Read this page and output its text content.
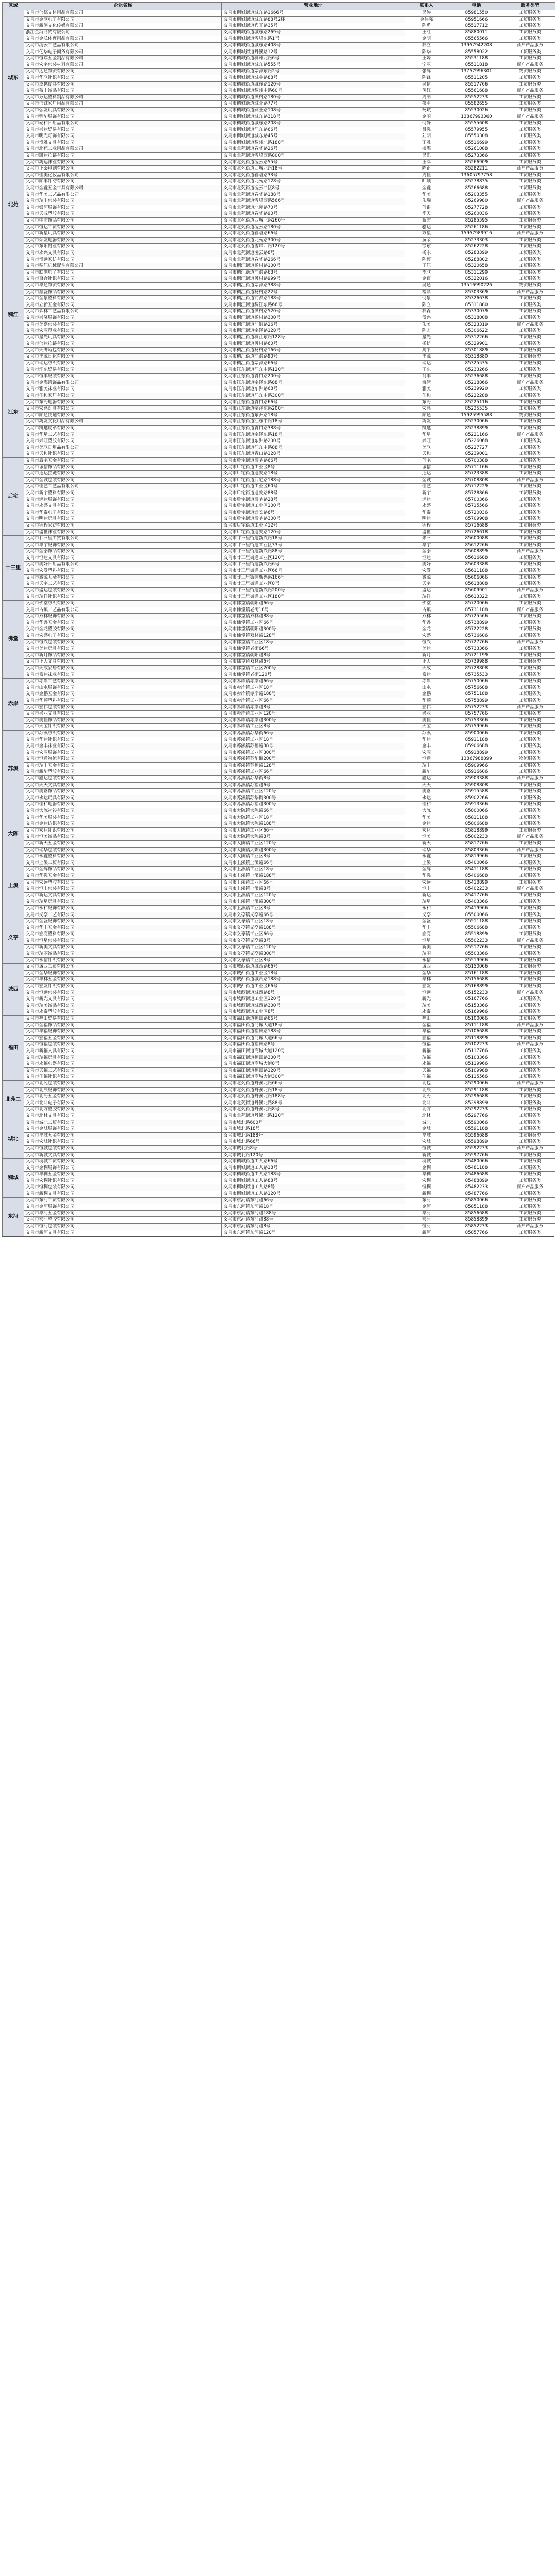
区域	企业名称	营业地址	联系人	电话	服务类型
城东	义乌市信德文体用品有限公司	义乌市稠城街道城东路1666号	吴涛	85981550	工贸服务类
	义乌市金网电子有限公司	义乌市稠城街道城东路88号2楼	金伟强	85951666	工贸服务类
	义乌市新创文化传媒有限公司	义乌市稠城街道宾王路35号	陈勇	85517712	工贸服务类
	浙江金海商贸有限公司	义乌市稠城街道城东路269号	王红	85880011	工贸服务类
	义乌市金弘体育用品有限公司	义乌市稠城街道雪峰东路1号	金明	85565566	工贸服务类
	义乌市凌云工艺品有限公司	义乌市稠城街道城东路408号	林立	13957942208	商户产品服务
	义乌市亿华电子商务有限公司	义乌市稠城街道丹溪路12号	陈华	85558022	工贸服务类
	义乌市恒瑞五金制品有限公司	义乌市稠城街道稠州北路6号	王婷	85531188	工贸服务类
	义乌市宏宇包装材料有限公司	义乌市稠城街道城东路555号	宁亚	85511818	商户产品服务
	义乌市达通物流有限公司	义乌市稠城街道宗泽东路2号	张辉	13757996301	物流服务类
	义乌市华联针织有限公司	义乌市稠城街道城中路88号	陈锋	85511205	工贸服务类
	义乌市卓越皮具有限公司	义乌市稠城街道城东路120号	吴倩	85517766	工贸服务类
	义乌市盈丰饰品有限公司	义乌市稠城街道稠州中路60号	倪红	85561688	商户产品服务
	义乌市万达塑料制品有限公司	义乌市稠城街道贝村路180号	周丽	85552233	工贸服务类
	义乌市信诚家居用品有限公司	义乌市稠城街道城北路77号	楼军	85582655	工贸服务类
	义乌市弘发玩具有限公司	义乌市稠城街道宾王路108号	杨斌	85530026	工贸服务类
	义乌市锦华服饰有限公司	义乌市稠城街道城东路318号	金丽	13867993360	商户产品服务
	义乌市泰和日用品有限公司	义乌市稠城街道城东路208号	何静	85555608	工贸服务类
	义乌市兴达贸易有限公司	义乌市稠城街道江东路66号	吕强	85579955	工贸服务类
	义乌市明光灯饰有限公司	义乌市稠城街道城东路45号	刘明	85550308	工贸服务类
	义乌市博雅文具有限公司	义乌市稠城街道稠州北路188号	丁雅	85516699	工贸服务类
北苑	义乌市北苑工业用品有限公司	义乌市北苑街道春华路26号	楼海	85261088	工贸服务类
	义乌市凯达拉链有限公司	义乌市北苑街道雪峰西路800号	吴凯	85273366	工贸服务类
	义乌市鸿运袜业有限公司	义乌市北苑街道凌云路55号	王鸿	85266909	工贸服务类
	义乌市正泰印刷有限公司	义乌市北苑街道西城北路18号	陈正	85282211	商户产品服务
	义乌市佳美化妆品有限公司	义乌市北苑街道春晗路33号	周佳	13605797758	工贸服务类
	义乌市顺丰针纺有限公司	义乌市北苑街道北苑路128号	叶顺	85278835	工贸服务类
	义乌市金鑫五金工具有限公司	义乌市北苑街道凌云二区8号	金鑫	85266688	工贸服务类
	义乌市华美工艺品有限公司	义乌市北苑街道春华路188号	华美	85203355	工贸服务类
	义乌市瑞丰包装有限公司	义乌市北苑街道雪峰西路566号	朱瑞	85269980	商户产品服务
	义乌市银河服饰有限公司	义乌市北苑街道北苑路70号	何银	85277728	工贸服务类
	义乌市天成塑胶有限公司	义乌市北苑街道春华路90号	季天	85260036	工贸服务类
	义乌市中宏饰品有限公司	义乌市北苑街道西城北路260号	蒋宏	85285595	工贸服务类
	义乌市恒达工贸有限公司	义乌市北苑街道凌云路180号	骆达	85261186	工贸服务类
	义乌市新星玩具有限公司	义乌市北苑街道春晗路66号	方星	15957989916	商户产品服务
	义乌市荣发电器有限公司	义乌市北苑街道北苑路300号	黄荣	85273303	工贸服务类
	义乌市东阳帽业有限公司	义乌市北苑街道雪峰西路120号	徐东	85262228	工贸服务类
	义乌市永兴文具有限公司	义乌市北苑街道凌云路8号	杨永	85283399	工贸服务类
	义乌市博远家纺有限公司	义乌市北苑街道春华路266号	陈博	85288802	工贸服务类
稠江	义乌市稠江机械配件有限公司	义乌市稠江街道杨村路100号	王江	85320658	工贸服务类
	义乌市联创电子有限公司	义乌市稠江街道前洪路68号	李联	85311299	工贸服务类
	义乌市百合针织有限公司	义乌市稠江街道贝村路999号	金百	85322016	工贸服务类
	义乌市华通物流有限公司	义乌市稠江街道宗泽路388号	吴通	13516990226	物流服务类
	义乌市鼎盛饰品有限公司	义乌市稠江街道杨村路22号	楼鼎	85303369	商户产品服务
	义乌市金象塑料有限公司	义乌市稠江街道前洪路188号	何象	85326638	工贸服务类
	义乌市立新五金有限公司	义乌市稠江街道稠江东路66号	陈立	85311880	工贸服务类
	义乌市森林工艺品有限公司	义乌市稠江街道贝村路520号	林森	85330079	工贸服务类
	义乌市兴隆服饰有限公司	义乌市稠江街道杨村路300号	傅兴	85318008	工贸服务类
	义乌市美嘉包装有限公司	义乌市稠江街道前洪路26号	朱美	85323319	商户产品服务
	义乌市宏图印业有限公司	义乌市稠江街道宗泽路128号	陈宏	85306622	工贸服务类
	义乌市星光玩具有限公司	义乌市稠江街道稠江东路128号	星光	85312266	工贸服务类
	义乌市信达拉链有限公司	义乌市稠江街道贝村路60号	杨信	85329901	工贸服务类
	义乌市天鹰箱包有限公司	义乌市稠江街道杨村路166号	鹰平	85301889	工贸服务类
	义乌市丰源日化有限公司	义乌市稠江街道前洪路90号	丰源	85318880	工贸服务类
	义乌市瑞达纺织有限公司	义乌市稠江街道宗泽路66号	瑞达	85325535	工贸服务类
江东	义乌市江东贸易有限公司	义乌市江东街道江东中路120号	王东	85233266	工贸服务类
	义乌市恒丰服装有限公司	义乌市江东街道青口路200号	俞丰	85236688	工贸服务类
	义乌市金海湾饰品有限公司	义乌市江东街道宗泽东路88号	海湾	85218866	商户产品服务
	义乌市雅美袜业有限公司	义乌市江东街道东洲路68号	雅美	85239920	工贸服务类
	义乌市佳和家居有限公司	义乌市江东街道江东中路300号	佳和	85222288	工贸服务类
	义乌市东海电器有限公司	义乌市江东街道青口路66号	东海	85225116	工贸服务类
	义乌市宏亮灯具有限公司	义乌市江东街道宗泽东路200号	宏亮	85235535	工贸服务类
	义乌市顺通快递有限公司	义乌市江东街道东洲路18号	顺通	15925995588	物流服务类
	义乌市鸿发文化用品有限公司	义乌市江东街道江东中路18号	鸿发	85230066	工贸服务类
	义乌市凯越皮革有限公司	义乌市江东街道青口路388号	凯越	85238899	工贸服务类
	义乌市华星工艺有限公司	义乌市江东街道宗泽东路18号	华星	85221166	商户产品服务
	义乌市兴旺塑胶有限公司	义乌市江东街道东洲路200号	兴旺	85226068	工贸服务类
	义乌市美联日用品有限公司	义乌市江东街道江东中路88号	美联	85227727	工贸服务类
	义乌市天和针织有限公司	义乌市江东街道青口路128号	天和	85239001	工贸服务类
后宅	义乌市后宅五金有限公司	义乌市后宅街道后宅路66号	何宅	85700388	工贸服务类
	义乌市诚信饰品有限公司	义乌市后宅街道工业区8号	诚信	85711166	工贸服务类
	义乌市通达拉链有限公司	义乌市后宅街道遗安路18号	通达	85723388	工贸服务类
	义乌市金诚包装有限公司	义乌市后宅街道后宅路188号	金诚	85708808	商户产品服务
	义乌市佳艺工艺品有限公司	义乌市后宅街道工业区60号	佳艺	85712229	工贸服务类
	义乌市新宇塑料有限公司	义乌市后宅街道遗安路88号	新宇	85728866	工贸服务类
	义乌市鸿达服饰有限公司	义乌市后宅街道后宅路28号	鸿达	85700366	工贸服务类
	义乌市永盛文具有限公司	义乌市后宅街道工业区100号	永盛	85715566	工贸服务类
	义乌市华泰电子有限公司	义乌市后宅街道遗安路6号	华泰	85720036	工贸服务类
	义乌市明达玩具有限公司	义乌市后宅街道后宅路300号	明达	85709908	工贸服务类
	义乌市锦程家纺有限公司	义乌市后宅街道工业区12号	锦程	85716688	工贸服务类
	义乌市盛世袜业有限公司	义乌市后宅街道遗安路120号	盛世	85726618	工贸服务类
廿三里	义乌市廿三里工贸有限公司	义乌市廿三里街道新兴路18号	朱三	85600088	工贸服务类
	义乌市华宇服饰有限公司	义乌市廿三里街道工业区33号	华宇	85612266	工贸服务类
	义乌市金泰饰品有限公司	义乌市廿三里街道新兴路88号	金泰	85608899	商户产品服务
	义乌市恒达文具有限公司	义乌市廿三里街道工业区120号	恒达	85616688	工贸服务类
	义乌市美好日用品有限公司	义乌市廿三里街道新兴路6号	美好	85603388	工贸服务类
	义乌市宏发塑料有限公司	义乌市廿三里街道工业区66号	宏发	85611188	工贸服务类
	义乌市鑫源五金有限公司	义乌市廿三里街道新兴路166号	鑫源	85606066	工贸服务类
	义乌市天宇工艺有限公司	义乌市廿三里街道工业区8号	天宇	85618808	工贸服务类
	义乌市盛达包装有限公司	义乌市廿三里街道新兴路200号	盛达	85609901	商户产品服务
	义乌市瑞祥针织有限公司	义乌市廿三里街道工业区180号	瑞祥	85613322	工贸服务类
佛堂	义乌市佛堂纺织有限公司	义乌市佛堂镇朝阳路66号	佛堂	85720066	工贸服务类
	义乌市古镇工艺品有限公司	义乌市佛堂镇老街18号	古镇	85731188	商户产品服务
	义乌市双林服饰有限公司	义乌市佛堂镇双林路88号	双林	85725566	工贸服务类
	义乌市华鑫五金有限公司	义乌市佛堂镇工业区66号	华鑫	85738899	工贸服务类
	义乌市金龙塑胶有限公司	义乌市佛堂镇朝阳路300号	金龙	85722228	工贸服务类
	义乌市宏盛电子有限公司	义乌市佛堂镇双林路128号	宏盛	85736606	工贸服务类
	义乌市恒兴包装有限公司	义乌市佛堂镇工业区18号	恒兴	85727766	商户产品服务
	义乌市美达玩具有限公司	义乌市佛堂镇老街66号	美达	85733366	工贸服务类
	义乌市新月饰品有限公司	义乌市佛堂镇朝阳路8号	新月	85721199	工贸服务类
	义乌市正大文具有限公司	义乌市佛堂镇双林路6号	正大	85739988	工贸服务类
	义乌市天成家居有限公司	义乌市佛堂镇工业区200号	天成	85728808	工贸服务类
	义乌市富达袜业有限公司	义乌市佛堂镇老街120号	富达	85735533	工贸服务类
赤岸	义乌市赤岸工艺有限公司	义乌市赤岸镇赤岸路66号	赤岸	85750066	工贸服务类
	义乌市山水服饰有限公司	义乌市赤岸镇工业区18号	山水	85756688	工贸服务类
	义乌市金鹏五金有限公司	义乌市赤岸镇赤岸路188号	金鹏	85751188	工贸服务类
	义乌市华顺塑料有限公司	义乌市赤岸镇工业区66号	华顺	85758899	工贸服务类
	义乌市宏伟包装有限公司	义乌市赤岸镇赤岸路8号	宏伟	85752233	商户产品服务
	义乌市兴业文具有限公司	义乌市赤岸镇工业区120号	兴业	85757766	工贸服务类
	义乌市美佳饰品有限公司	义乌市赤岸镇赤岸路300号	美佳	85753366	工贸服务类
	义乌市天宝针织有限公司	义乌市赤岸镇工业区8号	天宝	85759966	工贸服务类
苏溪	义乌市苏溪纺织有限公司	义乌市苏溪镇苏华街66号	苏溪	85900066	工贸服务类
	义乌市华达针织有限公司	义乌市苏溪镇工业区18号	华达	85911188	工贸服务类
	义乌市金丰袜业有限公司	义乌市苏溪镇苏福路88号	金丰	85906688	工贸服务类
	义乌市宏图服饰有限公司	义乌市苏溪镇工业区300号	宏图	85918899	工贸服务类
	义乌市恒通物流有限公司	义乌市苏溪镇苏华街200号	恒通	13867988899	物流服务类
	义乌市瑞丰五金有限公司	义乌市苏溪镇苏福路128号	瑞丰	85909966	工贸服务类
	义乌市新华塑胶有限公司	义乌市苏溪镇工业区66号	新华	85916606	工贸服务类
	义乌市鑫达包装有限公司	义乌市苏溪镇苏华街8号	鑫达	85903388	商户产品服务
	义乌市天天文具有限公司	义乌市苏溪镇苏福路6号	天天	85908808	工贸服务类
	义乌市美嘉饰品有限公司	义乌市苏溪镇工业区120号	美嘉	85915588	工贸服务类
	义乌市永达玩具有限公司	义乌市苏溪镇苏华街300号	永达	85902266	工贸服务类
	义乌市佳和电器有限公司	义乌市苏溪镇苏福路300号	佳和	85913366	工贸服务类
大陈	义乌市大陈衬衫有限公司	义乌市大陈镇大陈路66号	大陈	85800066	工贸服务类
	义乌市华美服装有限公司	义乌市大陈镇工业区18号	华美	85811188	工贸服务类
	义乌市金达纺织有限公司	义乌市大陈镇大陈路188号	金达	85806688	工贸服务类
	义乌市宏达针织有限公司	义乌市大陈镇工业区66号	宏达	85818899	工贸服务类
	义乌市恒美饰品有限公司	义乌市大陈镇大陈路8号	恒美	85802233	商户产品服务
	义乌市新天五金有限公司	义乌市大陈镇工业区120号	新天	85817766	工贸服务类
	义乌市瑞华包装有限公司	义乌市大陈镇大陈路300号	瑞华	85803366	商户产品服务
	义乌市永鑫塑料有限公司	义乌市大陈镇工业区8号	永鑫	85819966	工贸服务类
上溪	义乌市上溪工贸有限公司	义乌市上溪镇上溪路66号	上溪	85400066	工贸服务类
	义乌市金辉饰品有限公司	义乌市上溪镇工业区18号	金辉	85411188	工贸服务类
	义乌市华强五金有限公司	义乌市上溪镇上溪路188号	华强	85406688	工贸服务类
	义乌市宏远塑胶有限公司	义乌市上溪镇工业区66号	宏远	85418899	工贸服务类
	义乌市恒丰包装有限公司	义乌市上溪镇上溪路8号	恒丰	85402233	商户产品服务
	义乌市新达文具有限公司	义乌市上溪镇工业区120号	新达	85417766	工贸服务类
	义乌市瑞星玩具有限公司	义乌市上溪镇上溪路300号	瑞星	85403366	工贸服务类
	义乌市永和服饰有限公司	义乌市上溪镇工业区8号	永和	85419966	工贸服务类
义亭	义乌市义亭工艺有限公司	义乌市义亭镇义亭路66号	义亭	85500066	工贸服务类
	义乌市金盛服饰有限公司	义乌市义亭镇工业区18号	金盛	85511188	工贸服务类
	义乌市华丰五金有限公司	义乌市义亭镇义亭路188号	华丰	85506688	工贸服务类
	义乌市宏亮塑料有限公司	义乌市义亭镇工业区66号	宏亮	85518899	工贸服务类
	义乌市恒星包装有限公司	义乌市义亭镇义亭路8号	恒星	85502233	商户产品服务
	义乌市新美文具有限公司	义乌市义亭镇工业区120号	新美	85517766	工贸服务类
	义乌市瑞丽饰品有限公司	义乌市义亭镇义亭路300号	瑞丽	85503366	工贸服务类
	义乌市永信针织有限公司	义乌市义亭镇工业区8号	永信	85519966	工贸服务类
城西	义乌市城西工贸有限公司	义乌市城西街道城西路66号	城西	85150066	工贸服务类
	义乌市金华服饰有限公司	义乌市城西街道工业区18号	金华	85161188	工贸服务类
	义乌市华林五金有限公司	义乌市城西街道城西路188号	华林	85156688	工贸服务类
	义乌市宏发针织有限公司	义乌市城西街道工业区66号	宏发	85168899	工贸服务类
	义乌市恒远包装有限公司	义乌市城西街道城西路8号	恒远	85152233	商户产品服务
	义乌市新光文具有限公司	义乌市城西街道工业区120号	新光	85167766	工贸服务类
	义乌市瑞美饰品有限公司	义乌市城西街道城西路300号	瑞美	85153366	工贸服务类
	义乌市永泰塑胶有限公司	义乌市城西街道工业区8号	永泰	85169966	工贸服务类
福田	义乌市福田贸易有限公司	义乌市福田街道福田路66号	福田	85100066	工贸服务类
	义乌市金福饰品有限公司	义乌市福田街道商城大道18号	金福	85111188	商户产品服务
	义乌市华福服饰有限公司	义乌市福田街道福田路188号	华福	85106688	工贸服务类
	义乌市宏福五金有限公司	义乌市福田街道商城大道66号	宏福	85118899	工贸服务类
	义乌市恒福包装有限公司	义乌市福田街道福田路8号	恒福	85102233	商户产品服务
	义乌市新福文具有限公司	义乌市福田街道商城大道120号	新福	85117766	工贸服务类
	义乌市瑞福玩具有限公司	义乌市福田街道福田路300号	瑞福	85103366	工贸服务类
	义乌市永福电器有限公司	义乌市福田街道商城大道8号	永福	85119966	工贸服务类
	义乌市天福工艺有限公司	义乌市福田街道福田路120号	天福	85109988	工贸服务类
	义乌市佳福针织有限公司	义乌市福田街道商城大道300号	佳福	85115566	工贸服务类
北苑二	义乌市北苑包装有限公司	义乌市北苑街道丹溪北路66号	北包	85290066	商户产品服务
	义乌市北辰服饰有限公司	义乌市北苑街道丹溪北路18号	北辰	85291188	工贸服务类
	义乌市北海五金有限公司	义乌市北苑街道丹溪北路188号	北海	85296688	工贸服务类
	义乌市北斗电子有限公司	义乌市北苑街道丹溪北路88号	北斗	85298899	工贸服务类
	义乌市北方塑胶有限公司	义乌市北苑街道丹溪北路8号	北方	85292233	工贸服务类
	义乌市北林文具有限公司	义乌市北苑街道丹溪北路120号	北林	85297766	工贸服务类
城北	义乌市城北工贸有限公司	义乌市城北路600号	城北	85590066	工贸服务类
	义乌市金城服饰有限公司	义乌市城北路18号	金城	85591188	工贸服务类
	义乌市华城五金有限公司	义乌市城北路188号	华城	85596688	工贸服务类
	义乌市宏城针织有限公司	义乌市城北路66号	宏城	85598899	工贸服务类
	义乌市恒城包装有限公司	义乌市城北路8号	恒城	85592233	商户产品服务
	义乌市新城文具有限公司	义乌市城北路120号	新城	85597766	工贸服务类
稠城	义乌市稠城工贸有限公司	义乌市稠城街道工人路66号	稠城	85480066	工贸服务类
	义乌市金稠服饰有限公司	义乌市稠城街道工人路18号	金稠	85481188	工贸服务类
	义乌市华稠五金有限公司	义乌市稠城街道工人路188号	华稠	85486688	工贸服务类
	义乌市宏稠针织有限公司	义乌市稠城街道工人路88号	宏稠	85488899	工贸服务类
	义乌市恒稠包装有限公司	义乌市稠城街道工人路8号	恒稠	85482233	商户产品服务
	义乌市新稠文具有限公司	义乌市稠城街道工人路120号	新稠	85487766	工贸服务类
东河	义乌市东河工贸有限公司	义乌市东河镇东河路66号	东河	85850066	工贸服务类
	义乌市金河服饰有限公司	义乌市东河镇东河路18号	金河	85851188	工贸服务类
	义乌市华河五金有限公司	义乌市东河镇东河路188号	华河	85856688	工贸服务类
	义乌市宏河塑胶有限公司	义乌市东河镇东河路88号	宏河	85858899	工贸服务类
	义乌市恒河包装有限公司	义乌市东河镇东河路8号	恒河	85852233	商户产品服务
	义乌市新河文具有限公司	义乌市东河镇东河路120号	新河	85857766	工贸服务类
